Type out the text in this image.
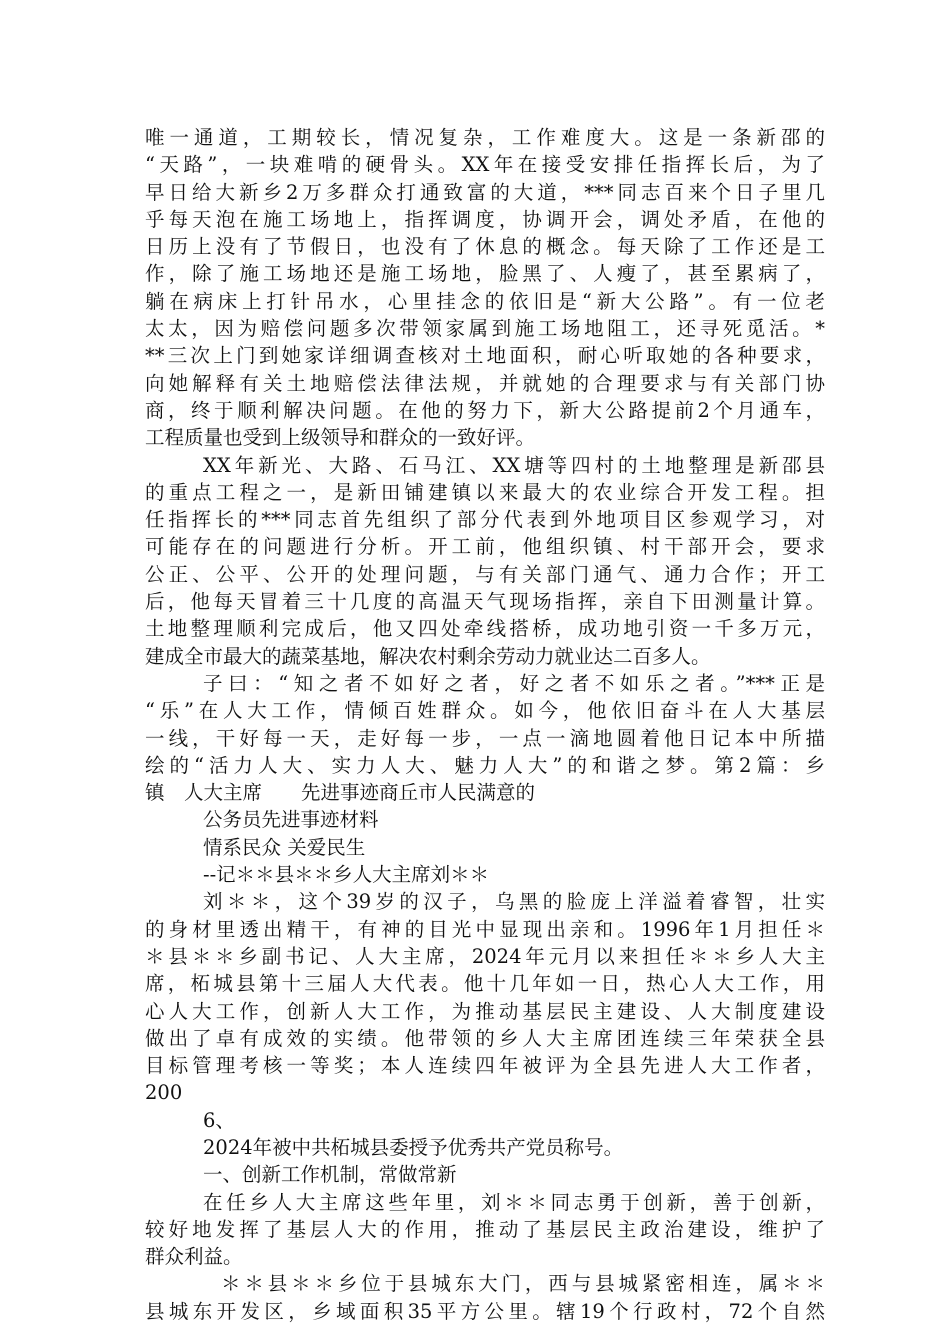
唯一通道，工期较长，情况复杂，工作难度大。这是一条新邵的
“天路”，一块难啃的硬骨头。XX年在接受安排任指挥长后，为了
早日给大新乡2万多群众打通致富的大道，***同志百来个日子里几
乎每天泡在施工场地上，指挥调度，协调开会，调处矛盾，在他的
日历上没有了节假日，也没有了休息的概念。每天除了工作还是工
作，除了施工场地还是施工场地，脸黑了、人瘦了，甚至累病了，
躺在病床上打针吊水，心里挂念的依旧是“新大公路”。有一位老
太太，因为赔偿问题多次带领家属到施工场地阻工，还寻死觅活。*
**三次上门到她家详细调查核对土地面积，耐心听取她的各种要求，
向她解释有关土地赔偿法律法规，并就她的合理要求与有关部门协
商，终于顺利解决问题。在他的努力下，新大公路提前2个月通车，
工程质量也受到上级领导和群众的一致好评。
XX年新光、大路、石马江、XX塘等四村的土地整理是新邵县
的重点工程之一，是新田铺建镇以来最大的农业综合开发工程。担
任指挥长的***同志首先组织了部分代表到外地项目区参观学习，对
可能存在的问题进行分析。开工前，他组织镇、村干部开会，要求
公正、公平、公开的处理问题，与有关部门通气、通力合作；开工
后，他每天冒着三十几度的高温天气现场指挥，亲自下田测量计算。
土地整理顺利完成后，他又四处牵线搭桥，成功地引资一千多万元，
建成全市最大的蔬菜基地，解决农村剩余劳动力就业达二百多人。
子曰：“知之者不如好之者，好之者不如乐之者。”***正是
“乐”在人大工作，情倾百姓群众。如今，他依旧奋斗在人大基层
一线，干好每一天，走好每一步，一点一滴地圆着他日记本中所描
绘的“活力人大、实力人大、魅力人大”的和谐之梦。第2篇：乡
镇　人大主席　　先进事迹商丘市人民满意的
公务员先进事迹材料
情系民众 关爱民生
--记＊＊县＊＊乡人大主席刘＊＊
刘＊＊，这个39岁的汉子，乌黑的脸庞上洋溢着睿智，壮实
的身材里透出精干，有神的目光中显现出亲和。1996年1月担任＊
＊县＊＊乡副书记、人大主席，2024年元月以来担任＊＊乡人大主
席，柘城县第十三届人大代表。他十几年如一日，热心人大工作，用
心人大工作，创新人大工作，为推动基层民主建设、人大制度建设
做出了卓有成效的实绩。他带领的乡人大主席团连续三年荣获全县
目标管理考核一等奖；本人连续四年被评为全县先进人大工作者，
200
6、
2024年被中共柘城县委授予优秀共产党员称号。
一、创新工作机制，常做常新
在任乡人大主席这些年里，刘＊＊同志勇于创新，善于创新，
较好地发挥了基层人大的作用，推动了基层民主政治建设，维护了
群众利益。
＊＊县＊＊乡位于县城东大门，西与县城紧密相连，属＊＊
县城东开发区，乡域面积35平方公里。辖19个行政村，72个自然
